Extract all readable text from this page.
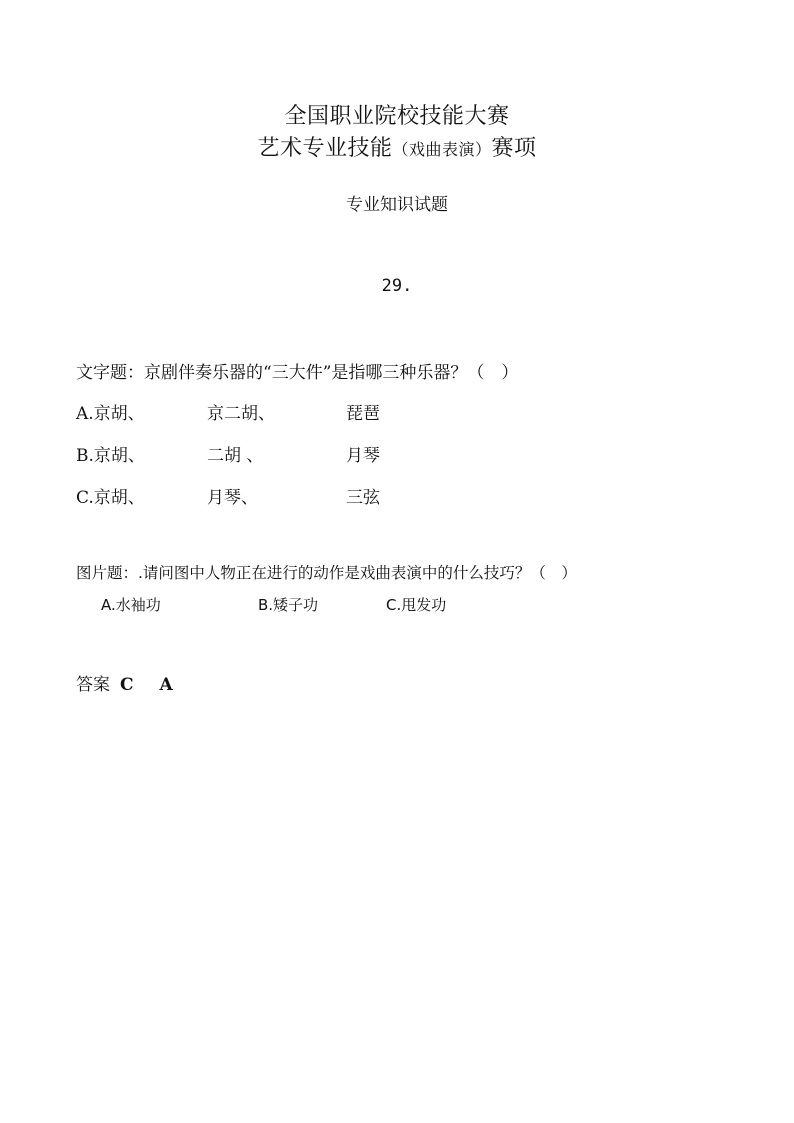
全国职业院校技能大赛
艺术专业技能（戏曲表演）赛项
专业知识试题
29.
文字题：京剧伴奏乐器的“三大件”是指哪三种乐器？（　）
A.京胡、	京二胡、	琵琶
B.京胡、	二胡 、	月琴
C.京胡、	月琴、	三弦
图片题：.请问图中人物正在进行的动作是戏曲表演中的什么技巧？（　）
A.水袖功	B.矮子功	C.甩发功
答案 C A
